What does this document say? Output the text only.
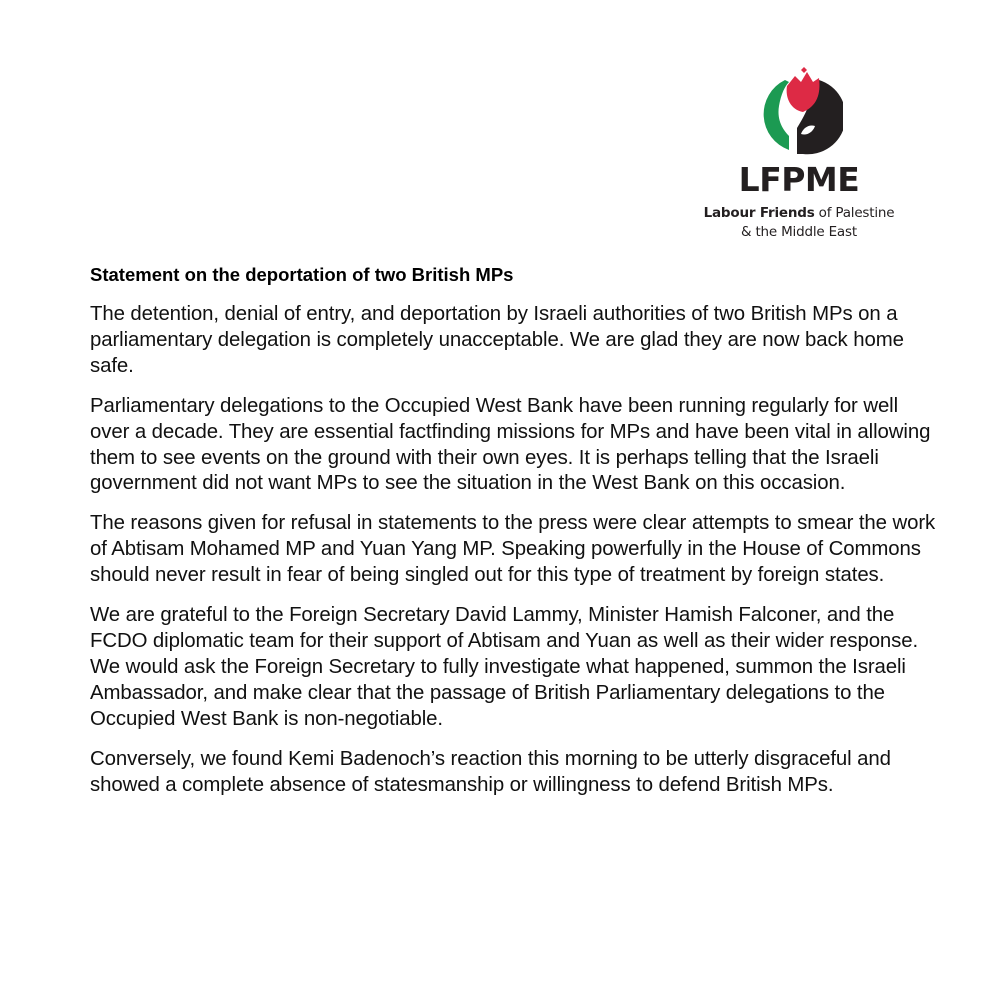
LFPME
Labour Friends of Palestine
& the Middle East
Statement on the deportation of two British MPs

The detention, denial of entry, and deportation by Israeli authorities of two British MPs on a parliamentary delegation is completely unacceptable. We are glad they are now back home safe.

Parliamentary delegations to the Occupied West Bank have been running regularly for well over a decade. They are essential factfinding missions for MPs and have been vital in allowing them to see events on the ground with their own eyes. It is perhaps telling that the Israeli government did not want MPs to see the situation in the West Bank on this occasion.

The reasons given for refusal in statements to the press were clear attempts to smear the work of Abtisam Mohamed MP and Yuan Yang MP. Speaking powerfully in the House of Commons should never result in fear of being singled out for this type of treatment by foreign states.

We are grateful to the Foreign Secretary David Lammy, Minister Hamish Falconer, and the FCDO diplomatic team for their support of Abtisam and Yuan as well as their wider response. We would ask the Foreign Secretary to fully investigate what happened, summon the Israeli Ambassador, and make clear that the passage of British Parliamentary delegations to the Occupied West Bank is non-negotiable.

Conversely, we found Kemi Badenoch’s reaction this morning to be utterly disgraceful and showed a complete absence of statesmanship or willingness to defend British MPs.
